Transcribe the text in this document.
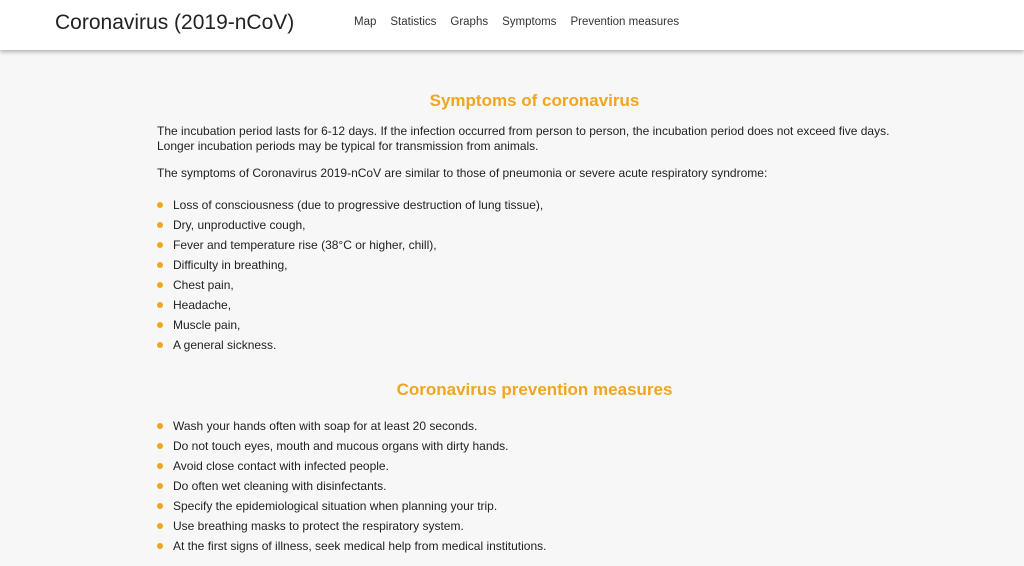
Coronavirus (2019-nCoV)	Map Statistics Graphs Symptoms Prevention measures
Symptoms of coronavirus

The incubation period lasts for 6-12 days. If the infection occurred from person to person, the incubation period does not exceed five days. Longer incubation periods may be typical for transmission from animals.

The symptoms of Coronavirus 2019-nCoV are similar to those of pneumonia or severe acute respiratory syndrome:

Loss of consciousness (due to progressive destruction of lung tissue),
Dry, unproductive cough,
Fever and temperature rise (38°C or higher, chill),
Difficulty in breathing,
Chest pain,
Headache,
Muscle pain,
A general sickness.
Coronavirus prevention measures
Wash your hands often with soap for at least 20 seconds.
Do not touch eyes, mouth and mucous organs with dirty hands.
Avoid close contact with infected people.
Do often wet cleaning with disinfectants.
Specify the epidemiological situation when planning your trip.
Use breathing masks to protect the respiratory system.
At the first signs of illness, seek medical help from medical institutions.
